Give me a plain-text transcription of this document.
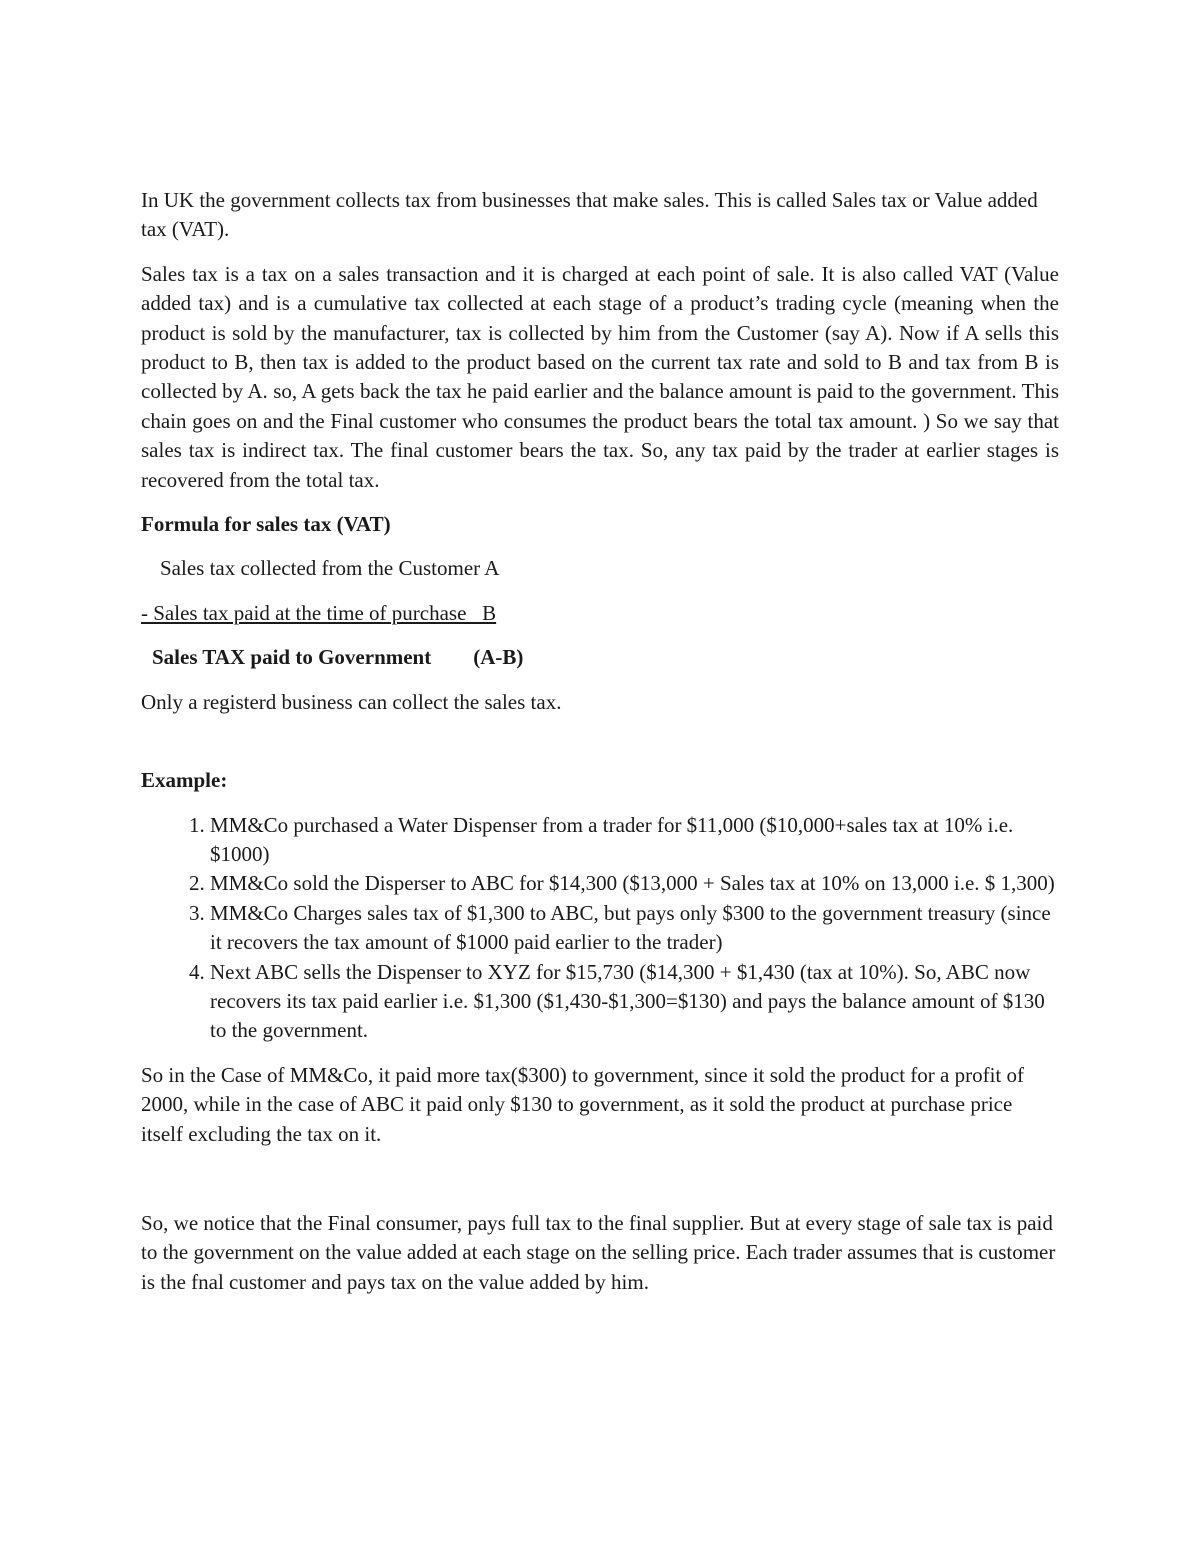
In UK the government collects tax from businesses that make sales. This is called Sales tax or Value added tax (VAT).

Sales tax is a tax on a sales transaction and it is charged at each point of sale. It is also called VAT (Value added tax) and is a cumulative tax collected at each stage of a product’s trading cycle (meaning when the product is sold by the manufacturer, tax is collected by him from the Customer (say A). Now if A sells this product to B, then tax is added to the product based on the current tax rate and sold to B and tax from B is collected by A. so, A gets back the tax he paid earlier and the balance amount is paid to the government. This chain goes on and the Final customer who consumes the product bears the total tax amount. ) So we say that sales tax is indirect tax. The final customer bears the tax. So, any tax paid by the trader at earlier stages is recovered from the total tax.

Formula for sales tax (VAT)

Sales tax collected from the Customer A

- Sales tax paid at the time of purchase   B

Sales TAX paid to Government (A-B)

Only a registerd business can collect the sales tax.

Example:

1. MM&Co purchased a Water Dispenser from a trader for $11,000 ($10,000+sales tax at 10% i.e. $1000)
2. MM&Co sold the Disperser to ABC for $14,300 ($13,000 + Sales tax at 10% on 13,000 i.e. $ 1,300)
3. MM&Co Charges sales tax of $1,300 to ABC, but pays only $300 to the government treasury (since it recovers the tax amount of $1000 paid earlier to the trader)
4. Next ABC sells the Dispenser to XYZ for $15,730 ($14,300 + $1,430 (tax at 10%). So, ABC now recovers its tax paid earlier i.e. $1,300 ($1,430-$1,300=$130) and pays the balance amount of $130 to the government.

So in the Case of MM&Co, it paid more tax($300) to government, since it sold the product for a profit of 2000, while in the case of ABC it paid only $130 to government, as it sold the product at purchase price itself excluding the tax on it.

So, we notice that the Final consumer, pays full tax to the final supplier. But at every stage of sale tax is paid to the government on the value added at each stage on the selling price. Each trader assumes that is customer is the fnal customer and pays tax on the value added by him.
